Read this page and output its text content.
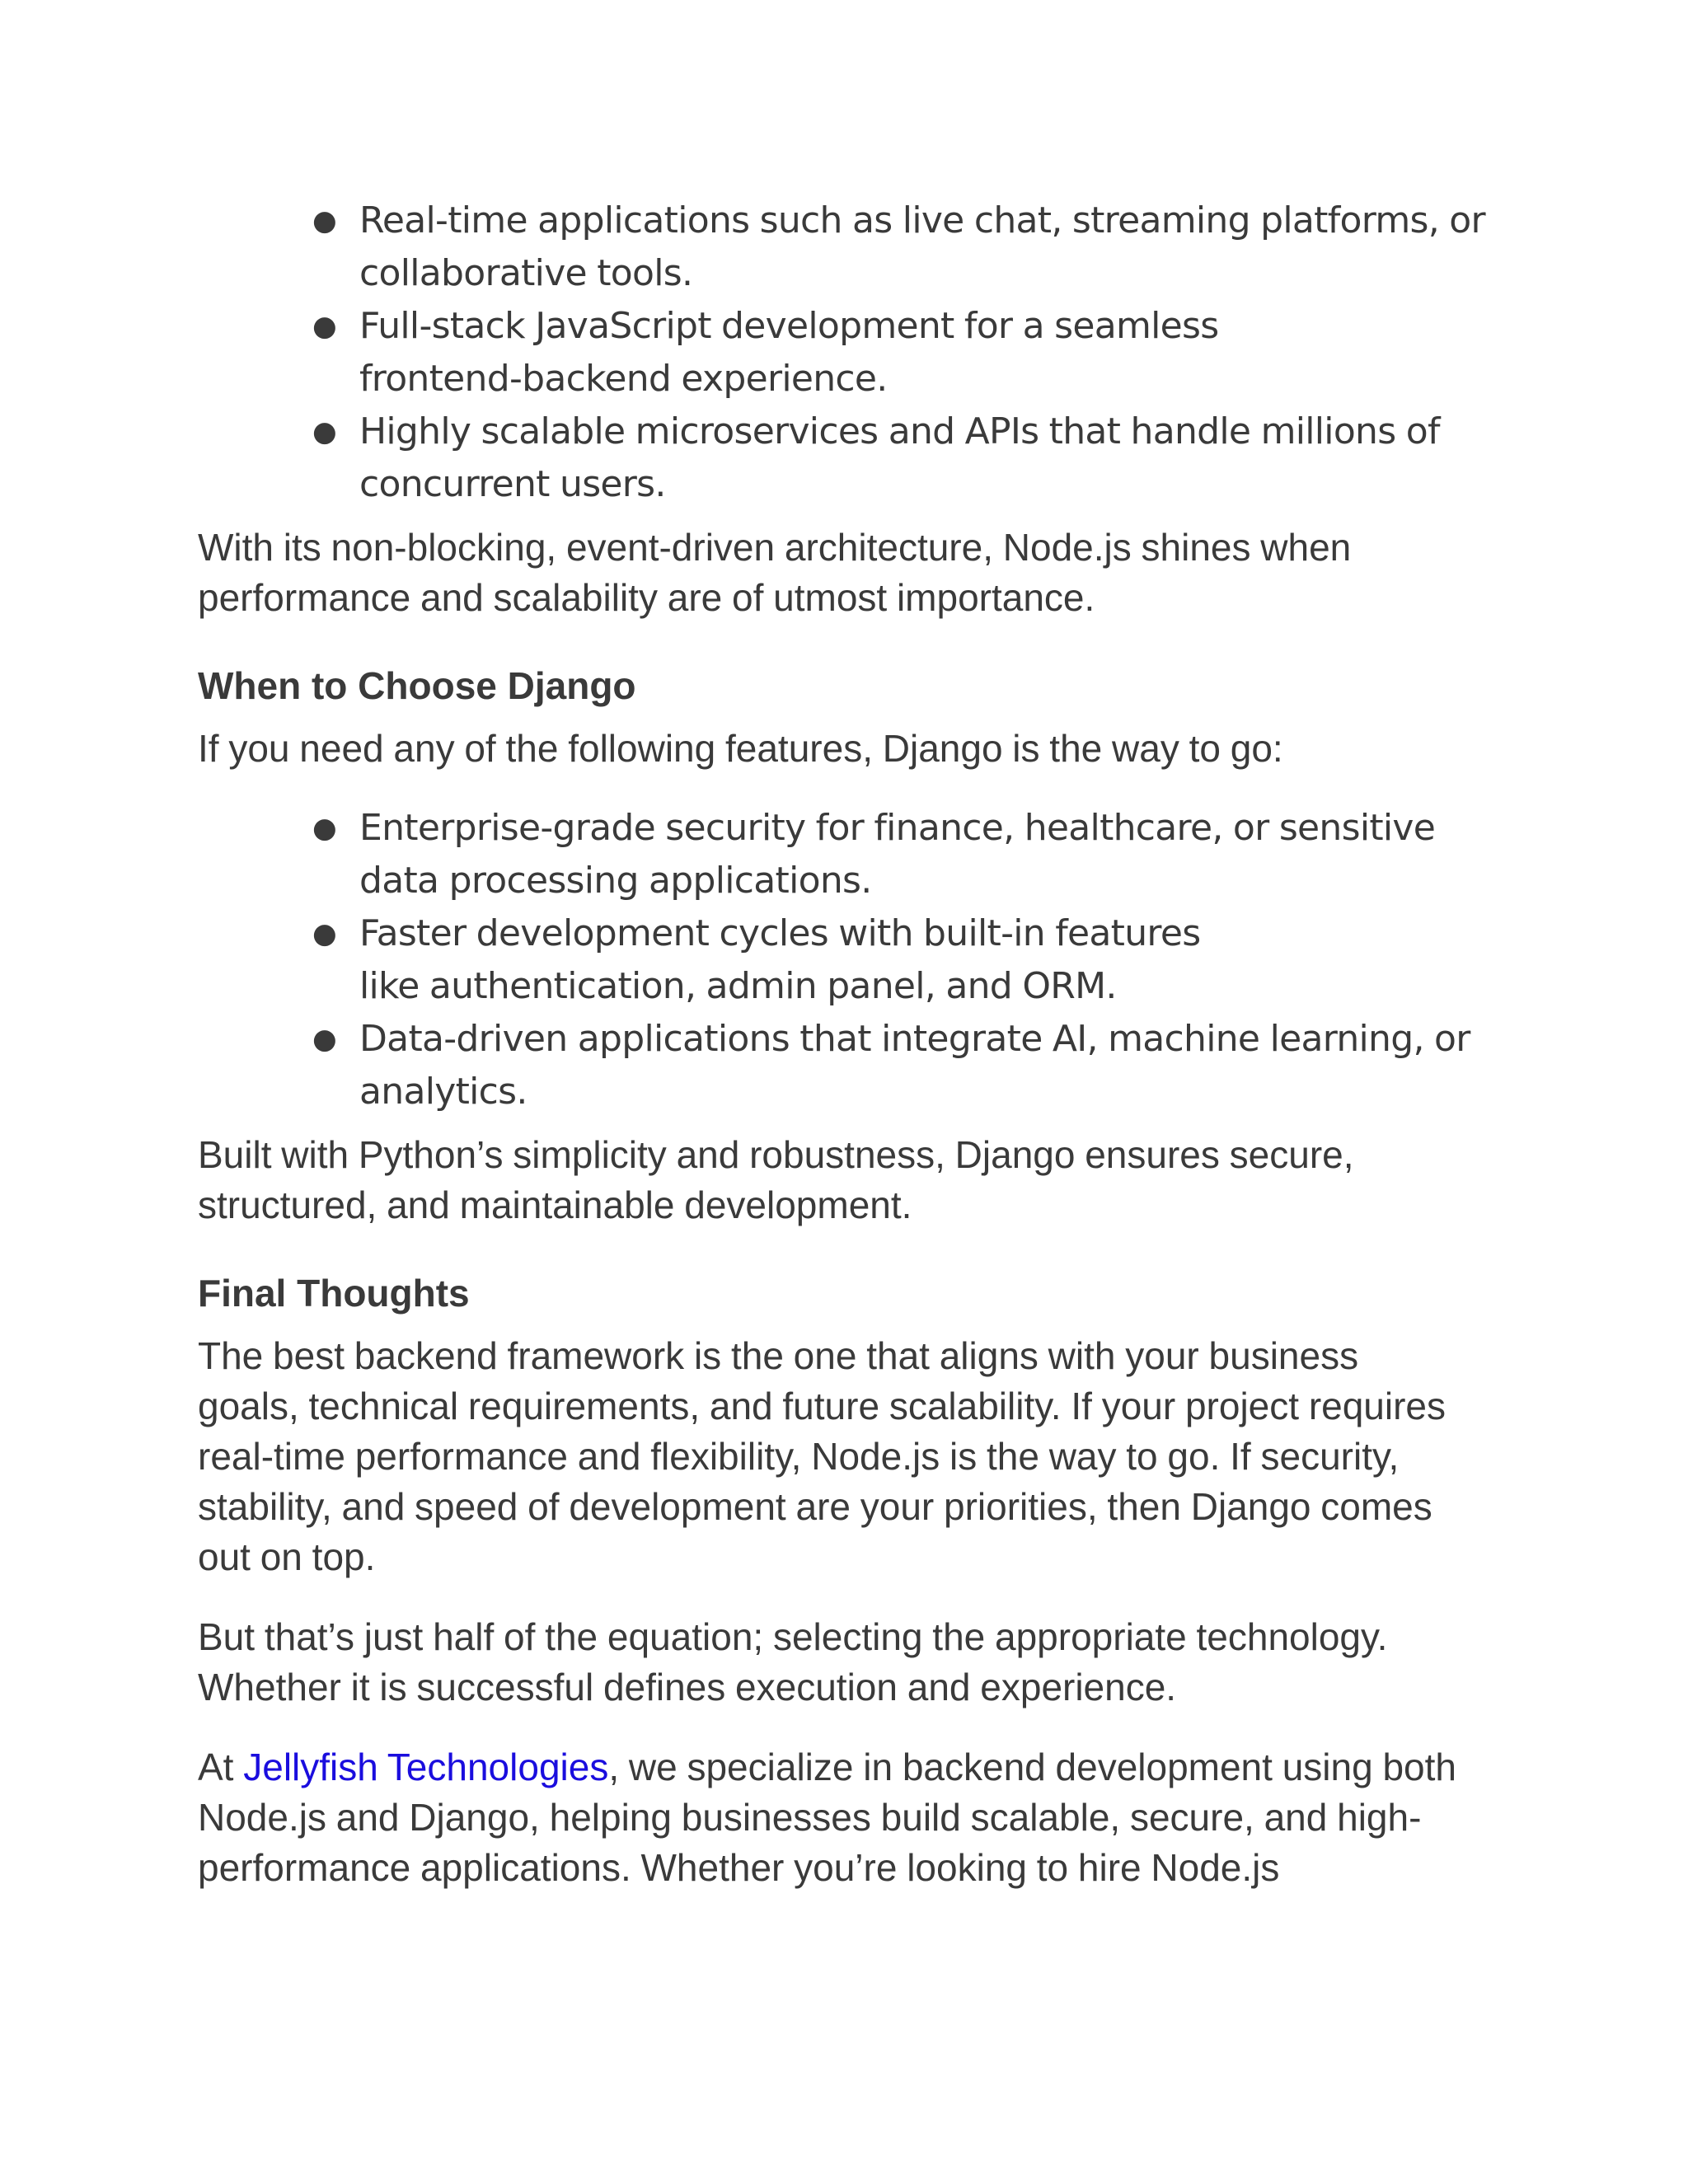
● Real-time applications such as live chat, streaming platforms, or collaborative tools.
● Full-stack JavaScript development for a seamless frontend-backend experience.
● Highly scalable microservices and APIs that handle millions of concurrent users.

With its non-blocking, event-driven architecture, Node.js shines when performance and scalability are of utmost importance.

When to Choose Django

If you need any of the following features, Django is the way to go:

● Enterprise-grade security for finance, healthcare, or sensitive data processing applications.
● Faster development cycles with built-in features like authentication, admin panel, and ORM.
● Data-driven applications that integrate AI, machine learning, or analytics.

Built with Python’s simplicity and robustness, Django ensures secure, structured, and maintainable development.

Final Thoughts

The best backend framework is the one that aligns with your business goals, technical requirements, and future scalability. If your project requires real-time performance and flexibility, Node.js is the way to go. If security, stability, and speed of development are your priorities, then Django comes out on top.

But that’s just half of the equation; selecting the appropriate technology. Whether it is successful defines execution and experience.

At Jellyfish Technologies, we specialize in backend development using both Node.js and Django, helping businesses build scalable, secure, and high-performance applications. Whether you’re looking to hire Node.js
